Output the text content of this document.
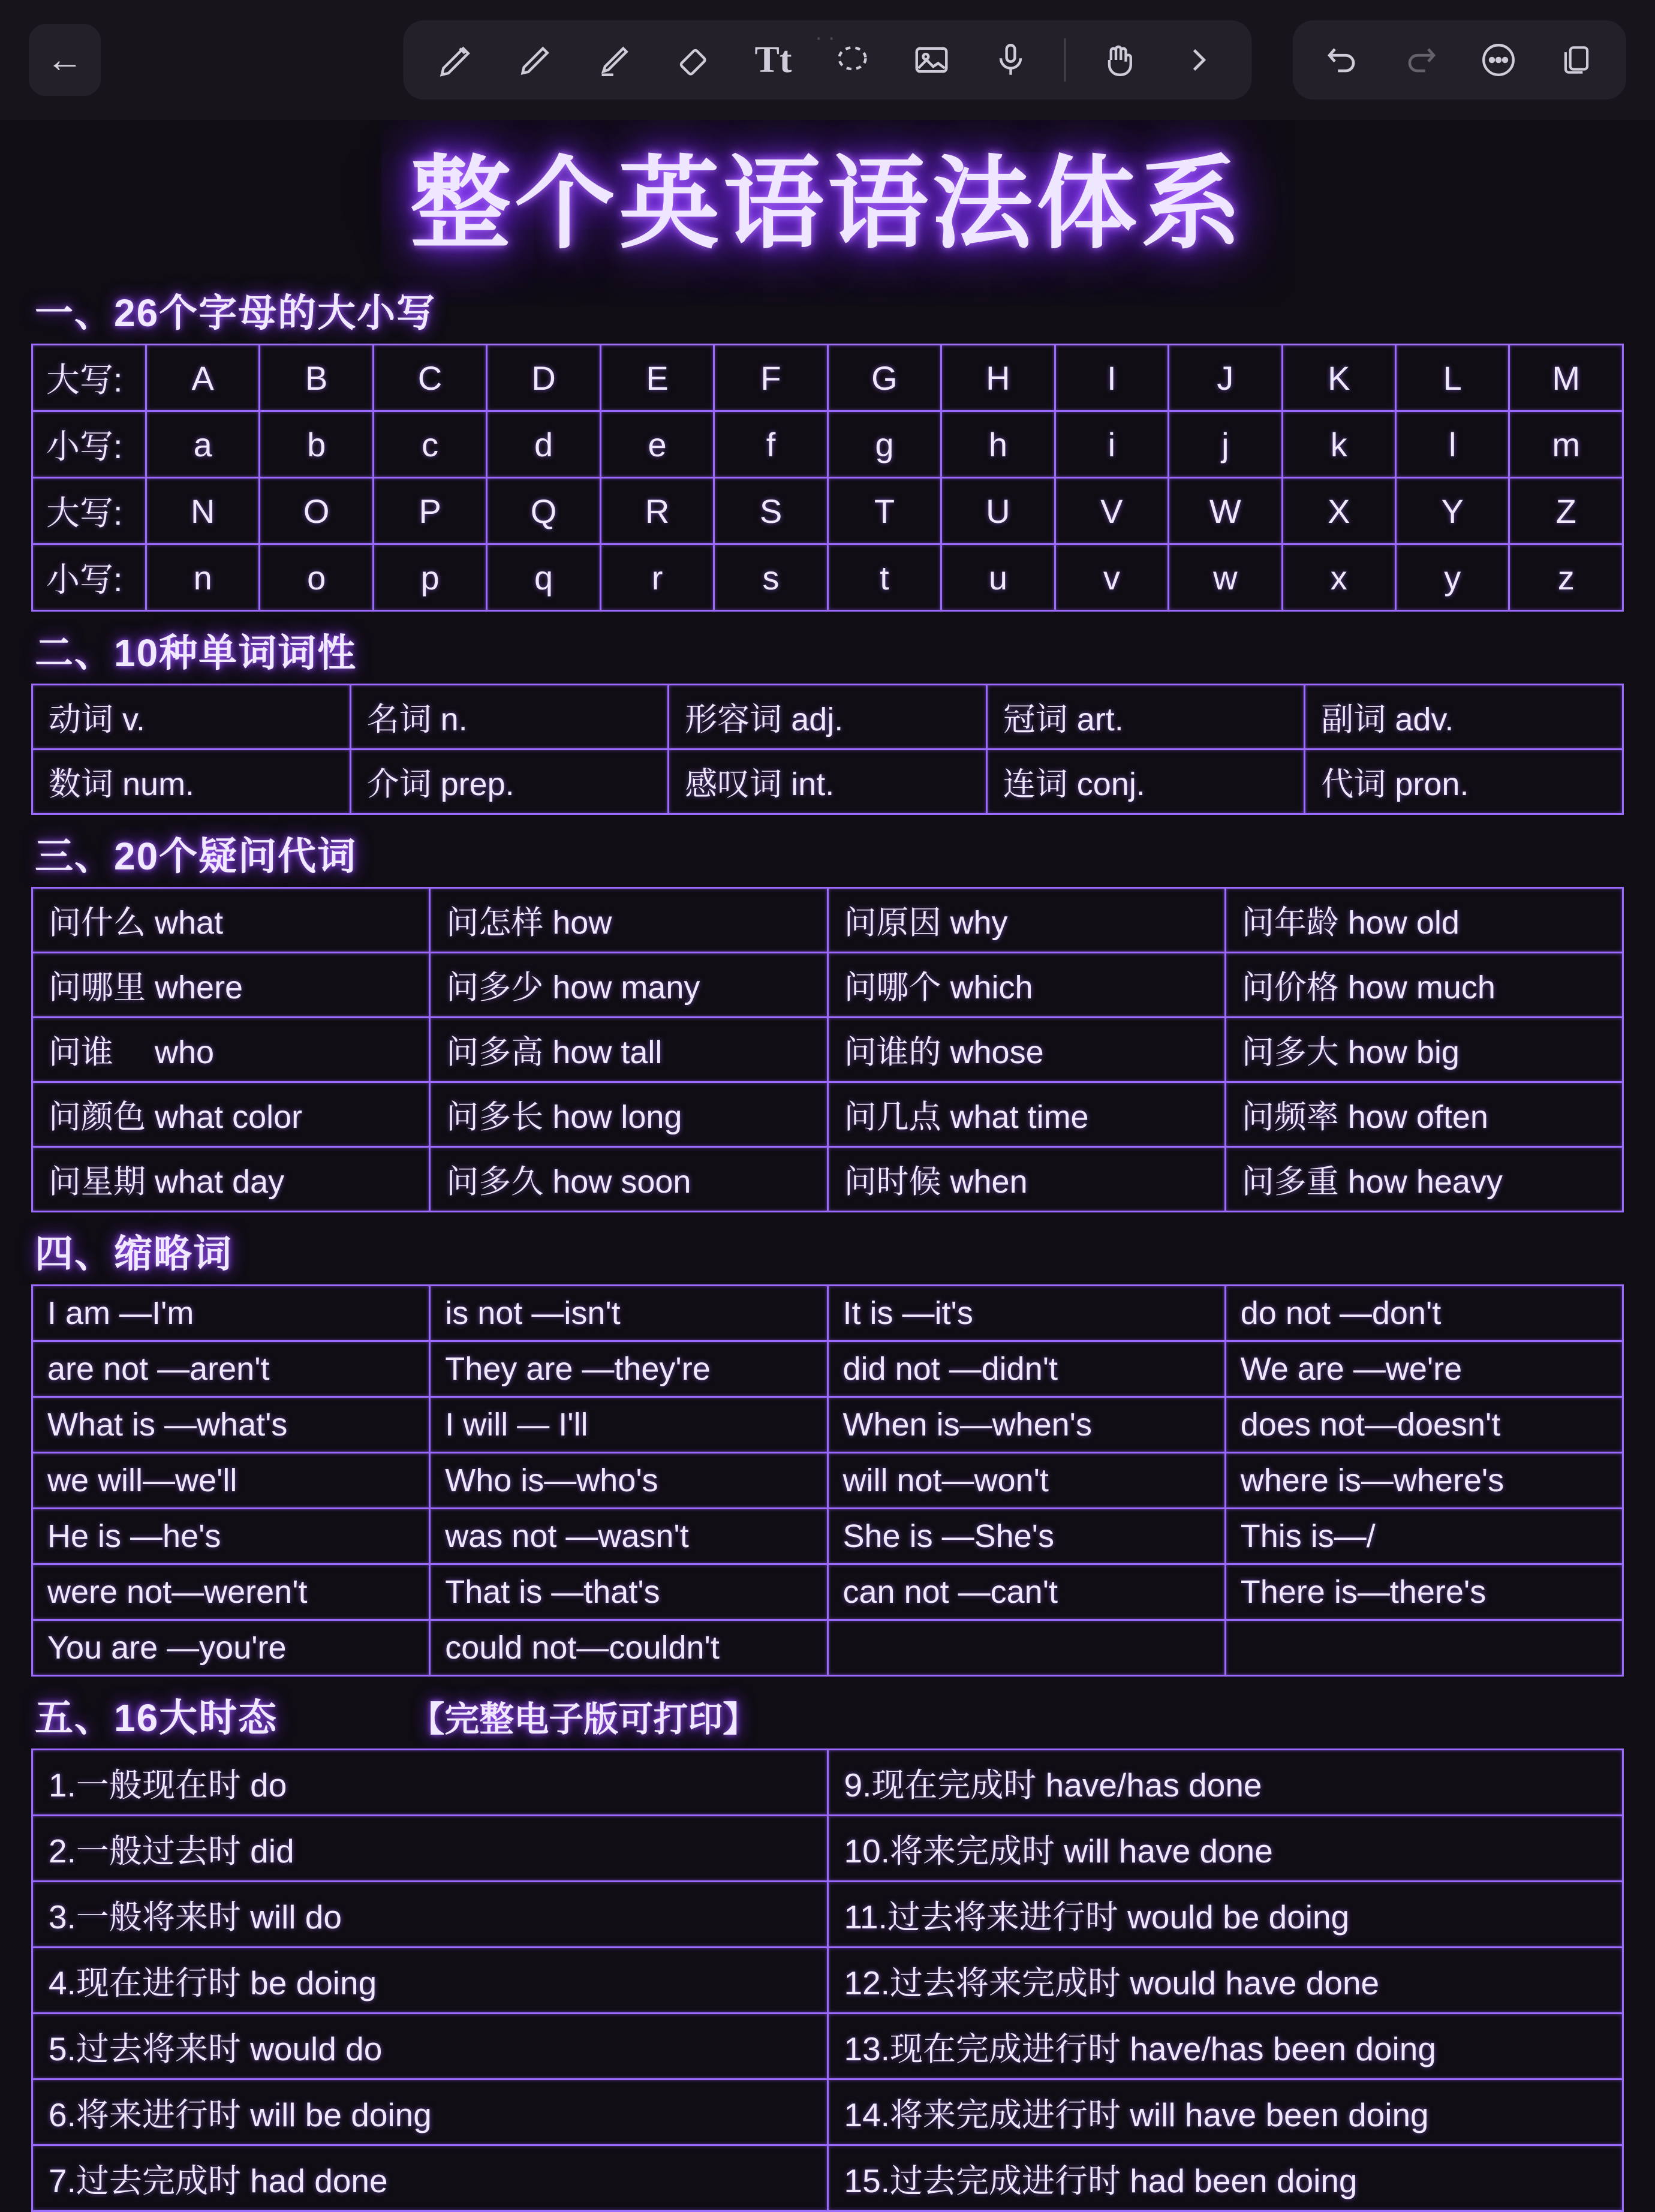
←
··
Tt
整个英语语法体系
一、26个字母的大小写
大写:	A	B	C	D	E	F	G	H	I	J	K	L	M
小写:	a	b	c	d	e	f	g	h	i	j	k	l	m
大写:	N	O	P	Q	R	S	T	U	V	W	X	Y	Z
小写:	n	o	p	q	r	s	t	u	v	w	x	y	z
二、10种单词词性
动词 v.	名词 n.	形容词 adj.	冠词 art.	副词 adv.
数词 num.	介词 prep.	感叹词 int.	连词 conj.	代词 pron.
三、20个疑问代词
问什么 what	问怎样 how	问原因 why	问年龄 how old
问哪里 where	问多少 how many	问哪个 which	问价格 how much
问谁　 who	问多高 how tall	问谁的 whose	问多大 how big
问颜色 what color	问多长 how long	问几点 what time	问频率 how often
问星期 what day	问多久 how soon	问时候 when	问多重 how heavy
四、缩略词
I am —I'm	is not —isn't	It is —it's	do not —don't
are not —aren't	They are —they're	did not —didn't	We are —we're
What is —what's	I will — I'll	When is—when's	does not—doesn't
we will—we'll	Who is—who's	will not—won't	where is—where's
He is —he's	was not —wasn't	She is —She's	This is—/
were not—weren't	That is —that's	can not —can't	There is—there's
You are —you're	could not—couldn't		
五、16大时态	【完整电子版可打印】
1.一般现在时 do	9.现在完成时 have/has done
2.一般过去时 did	10.将来完成时 will have done
3.一般将来时 will do	11.过去将来进行时 would be doing
4.现在进行时 be doing	12.过去将来完成时 would have done
5.过去将来时 would do	13.现在完成进行时 have/has been doing
6.将来进行时 will be doing	14.将来完成进行时 will have been doing
7.过去完成时 had done	15.过去完成进行时 had been doing
